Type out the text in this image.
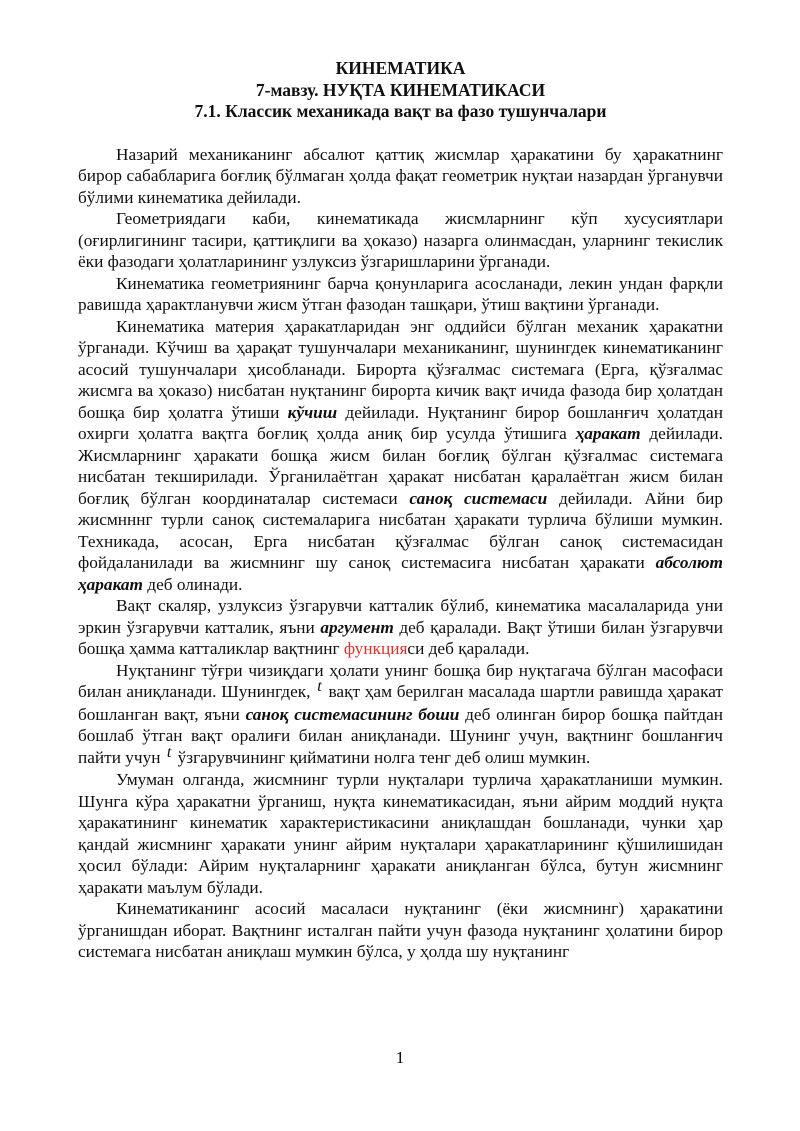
КИНЕМАТИКА
7-мавзу. НУҚТА КИНЕМАТИКАСИ
7.1. Классик механикада вақт ва фазо тушунчалари

Назарий механиканинг абсалют қаттиқ жисмлар ҳаракатини бу ҳаракатнинг бирор сабабларига боғлиқ бўлмаган ҳолда фақат геометрик нуқтаи назардан ўрганувчи бўлими кинематика дейилади.

Геометриядаги каби, кинематикада жисмларнинг кўп хусусиятлари (оғирлигининг тасири, қаттиқлиги ва ҳоказо) назарга олинмасдан, уларнинг текислик ёки фазодаги ҳолатларининг узлуксиз ўзгаришларини ўрганади.

Кинематика геометриянинг барча қонунларига асосланади, лекин ундан фарқли равишда ҳарактланувчи жисм ўтган фазодан ташқари, ўтиш вақтини ўрганади.

Кинематика материя ҳаракатларидан энг оддийси бўлган механик ҳаракатни ўрганади. Кўчиш ва ҳарақат тушунчалари механиканинг, шунингдек кинематиканинг асосий тушунчалари ҳисобланади. Бирорта қўзғалмас системага (Ерга, қўзғалмас жисмга ва ҳоказо) нисбатан нуқтанинг бирорта кичик вақт ичида фазода бир ҳолатдан бошқа бир ҳолатга ўтиши кўчиш дейилади. Нуқтанинг бирор бошланғич ҳолатдан охирги ҳолатга вақтга боғлиқ ҳолда аниқ бир усулда ўтишига ҳаракат дейилади. Жисмларнинг ҳаракати бошқа жисм билан боғлиқ бўлган қўзғалмас системага нисбатан текширилади. Ўрганилаётган ҳаракат нисбатан қаралаётган жисм билан боғлиқ бўлган координаталар системаси саноқ системаси дейилади. Айни бир жисмнннг турли саноқ системаларига нисбатан ҳаракати турлича бўлиши мумкин. Техникада, асосан, Ерга нисбатан қўзғалмас бўлган саноқ системасидан фойдаланилади ва жисмнинг шу саноқ системасига нисбатан ҳаракати абсолют ҳаракат деб олинади.

Вақт скаляр, узлуксиз ўзгарувчи катталик бўлиб, кинематика масалаларида уни эркин ўзгарувчи катталик, яъни аргумент деб қаралади. Вақт ўтиши билан ўзгарувчи бошқа ҳамма катталиклар вақтнинг функцияси деб қаралади.

Нуқтанинг тўғри чизиқдаги ҳолати унинг бошқа бир нуқтагача бўлган масофаси билан аниқланади. Шунингдек, t вақт ҳам берилган масалада шартли равишда ҳаракат бошланган вақт, яъни саноқ системасининг боши деб олинган бирор бошқа пайтдан бошлаб ўтган вақт оралиғи билан аниқланади. Шунинг учун, вақтнинг бошланғич пайти учун t ўзгарувчининг қийматини нолга тенг деб олиш мумкин.

Умуман олганда, жисмнинг турли нуқталари турлича ҳаракатланиши мумкин. Шунга кўра ҳаракатни ўрганиш, нуқта кинематикасидан, яъни айрим моддий нуқта ҳаракатининг кинематик характеристикасини аниқлашдан бошланади, чунки ҳар қандай жисмнинг ҳаракати унинг айрим нуқталари ҳаракатларининг қўшилишидан ҳосил бўлади: Айрим нуқталарнинг ҳаракати аниқланган бўлса, бутун жисмнинг ҳаракати маълум бўлади.

Кинематиканинг асосий масаласи нуқтанинг (ёки жисмнинг) ҳаракатини ўрганишдан иборат. Вақтнинг исталган пайти учун фазода нуқтанинг ҳолатини бирор системага нисбатан аниқлаш мумкин бўлса, у ҳолда шу нуқтанинг

1
